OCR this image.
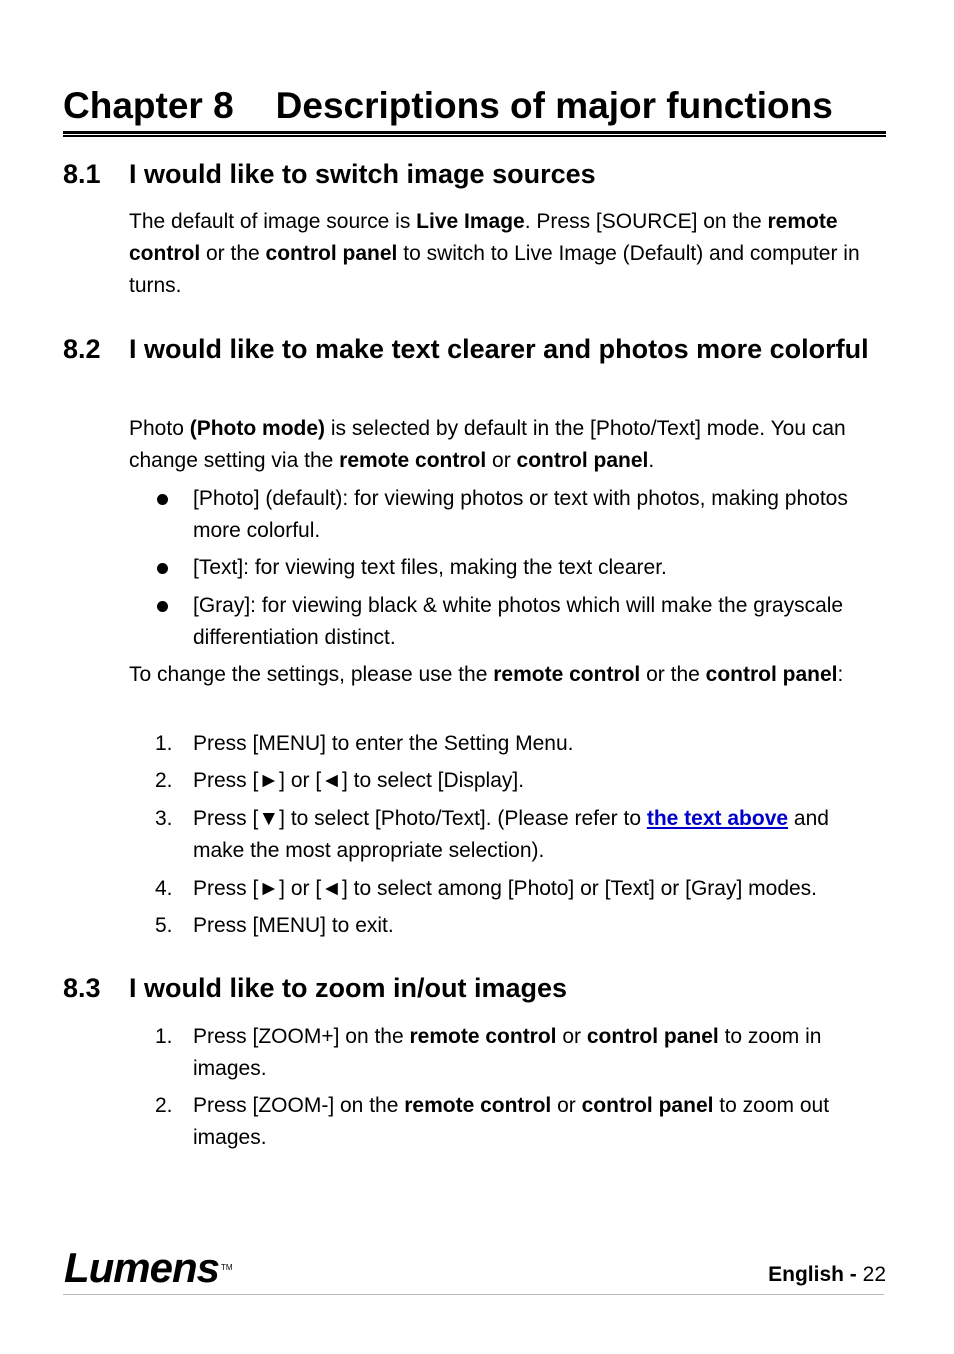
Chapter 8 Descriptions of major functions
8.1 I would like to switch image sources

The default of image source is Live Image. Press [SOURCE] on the remote control or the control panel to switch to Live Image (Default) and computer in turns.

8.2 I would like to make text clearer and photos more colorful

Photo (Photo mode) is selected by default in the [Photo/Text] mode. You can change setting via the remote control or control panel.

[Photo] (default): for viewing photos or text with photos, making photos more colorful.
[Text]: for viewing text files, making the text clearer.
[Gray]: for viewing black & white photos which will make the grayscale differentiation distinct.

To change the settings, please use the remote control or the control panel:

1. Press [MENU] to enter the Setting Menu.
2. Press [►] or [◄] to select [Display].
3. Press [▼] to select [Photo/Text]. (Please refer to the text above and make the most appropriate selection).
4. Press [►] or [◄] to select among [Photo] or [Text] or [Gray] modes.
5. Press [MENU] to exit.
8.3 I would like to zoom in/out images
1. Press [ZOOM+] on the remote control or control panel to zoom in images.
2. Press [ZOOM-] on the remote control or control panel to zoom out images.
Lumens ™	English - 22
